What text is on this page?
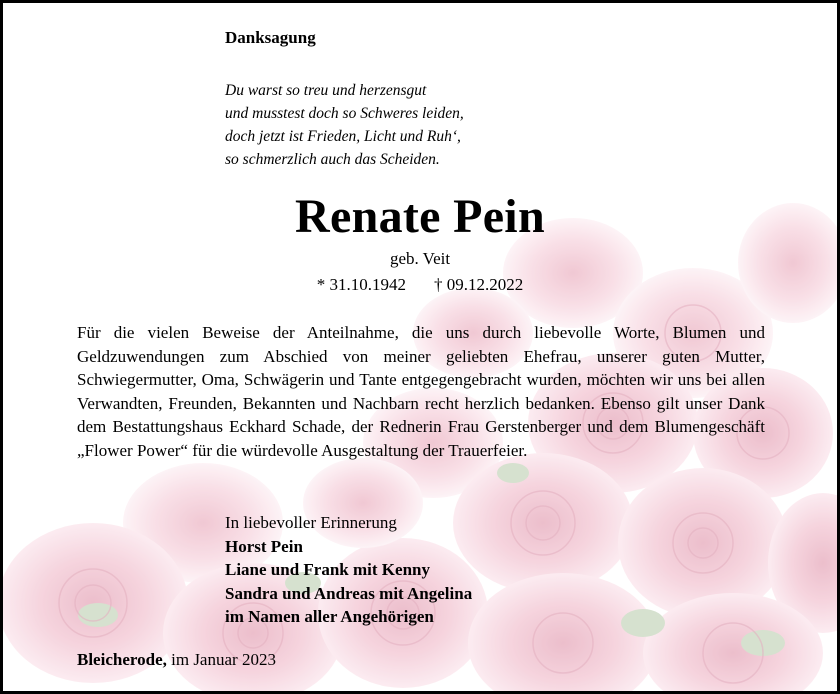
Danksagung
Du warst so treu und herzensgut
und musstest doch so Schweres leiden,
doch jetzt ist Frieden, Licht und Ruh‘,
so schmerzlich auch das Scheiden.
Renate Pein
geb. Veit
* 31.10.1942 † 09.12.2022
Für die vielen Beweise der Anteilnahme, die uns durch liebevolle Worte, Blumen und Geldzuwendungen zum Abschied von meiner geliebten Ehefrau, unserer guten Mutter, Schwiegermutter, Oma, Schwägerin und Tante entgegengebracht wurden, möchten wir uns bei allen Verwandten, Freunden, Bekannten und Nachbarn recht herzlich bedanken. Ebenso gilt unser Dank dem Bestattungshaus Eckhard Schade, der Rednerin Frau Gerstenberger und dem Blumengeschäft „Flower Power“ für die würdevolle Ausgestaltung der Trauerfeier.
In liebevoller Erinnerung
Horst Pein
Liane und Frank mit Kenny
Sandra und Andreas mit Angelina
im Namen aller Angehörigen
Bleicherode, im Januar 2023
